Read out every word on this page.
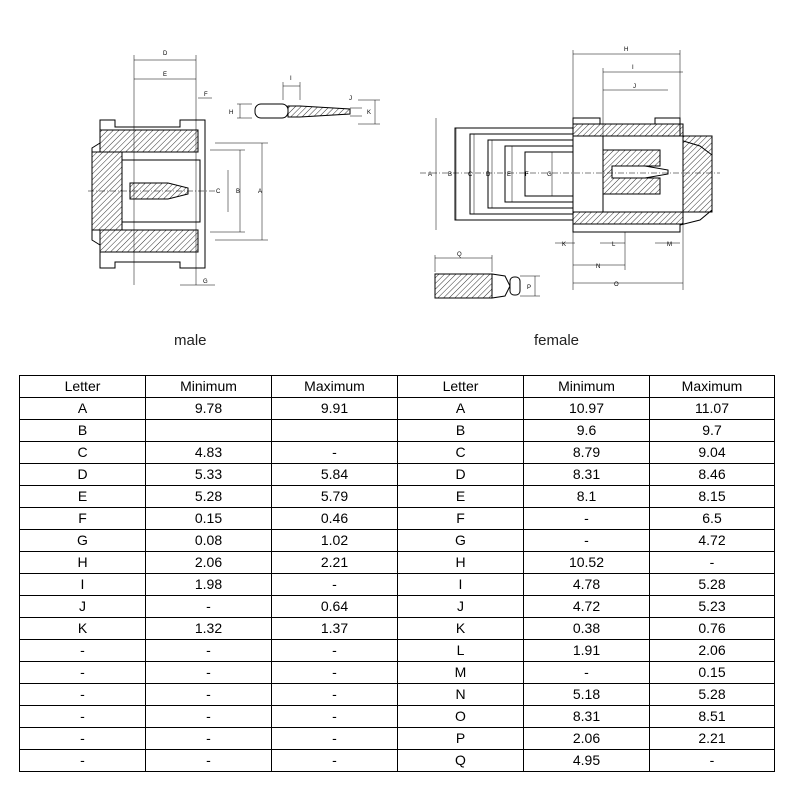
D
E
F
C	B	A
G
I
H
J
K
H
I
J
A	B	C D	E F	G
K	L	M
N
O
Q
P
male	female
Letter	Minimum	Maximum	Letter	Minimum	Maximum
A	9.78	9.91	A	10.97	11.07
B			B	9.6	9.7
C	4.83	-	C	8.79	9.04
D	5.33	5.84	D	8.31	8.46
E	5.28	5.79	E	8.1	8.15
F	0.15	0.46	F	-	6.5
G	0.08	1.02	G	-	4.72
H	2.06	2.21	H	10.52	-
I	1.98	-	I	4.78	5.28
J	-	0.64	J	4.72	5.23
K	1.32	1.37	K	0.38	0.76
-	-	-	L	1.91	2.06
-	-	-	M	-	0.15
-	-	-	N	5.18	5.28
-	-	-	O	8.31	8.51
-	-	-	P	2.06	2.21
-	-	-	Q	4.95	-
